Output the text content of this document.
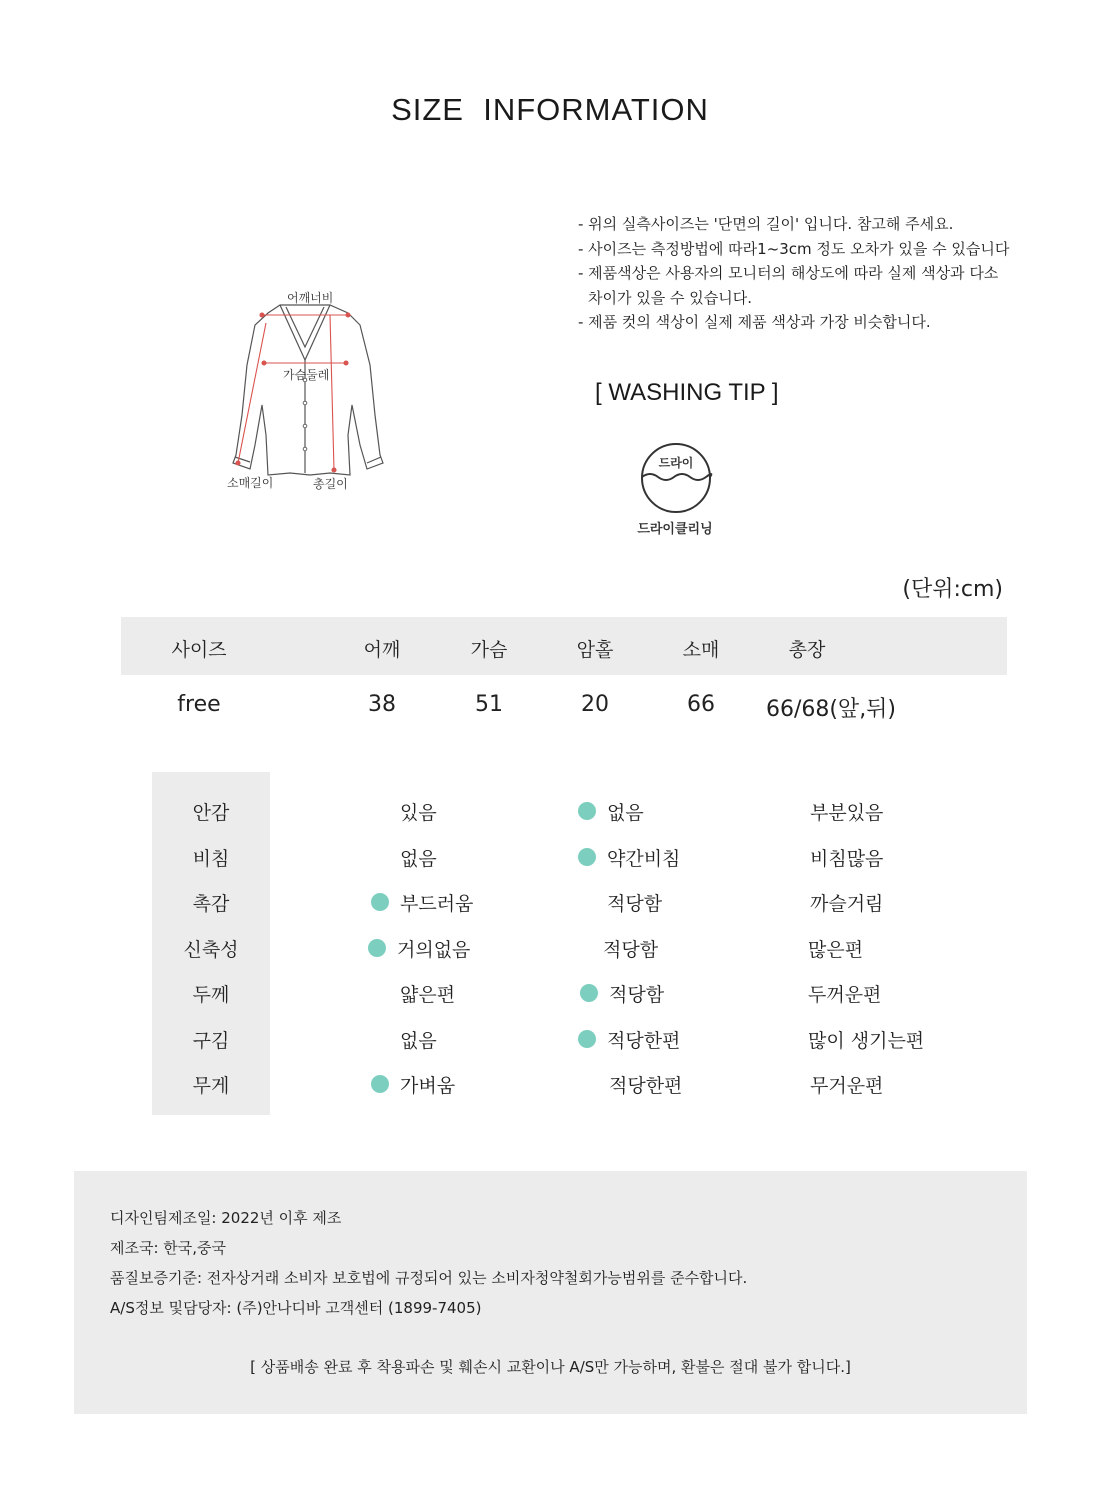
SIZE INFORMATION
어깨너비
가슴둘레
소매길이	총길이
- 위의 실측사이즈는 '단면의 길이' 입니다. 참고해 주세요.
- 사이즈는 측정방법에 따라1~3cm 정도 오차가 있을 수 있습니다
- 제품색상은 사용자의 모니터의 해상도에 따라 실제 색상과 다소
차이가 있을 수 있습니다.
- 제품 컷의 색상이 실제 제품 색상과 가장 비슷합니다.
[ WASHING TIP ]
드라이
드라이클리닝
(단위:cm)
사이즈	어깨	가슴	암홀	소매	총장
free	38	51	20	66	66/68(앞,뒤)
안감	있음	없음	부분있음
비침	없음	약간비침	비침많음
촉감	부드러움	적당함	까슬거림
신축성	거의없음	적당함	많은편
두께	얇은편	적당함	두꺼운편
구김	없음	적당한편	많이 생기는편
무게	가벼움	적당한편	무거운편
디자인팀제조일: 2022년 이후 제조
제조국: 한국,중국
품질보증기준: 전자상거래 소비자 보호법에 규정되어 있는 소비자청약철회가능범위를 준수합니다.
A/S정보 및담당자: (주)안나디바 고객센터 (1899-7405)
[ 상품배송 완료 후 착용파손 및 훼손시 교환이나 A/S만 가능하며, 환불은 절대 불가 합니다.]
